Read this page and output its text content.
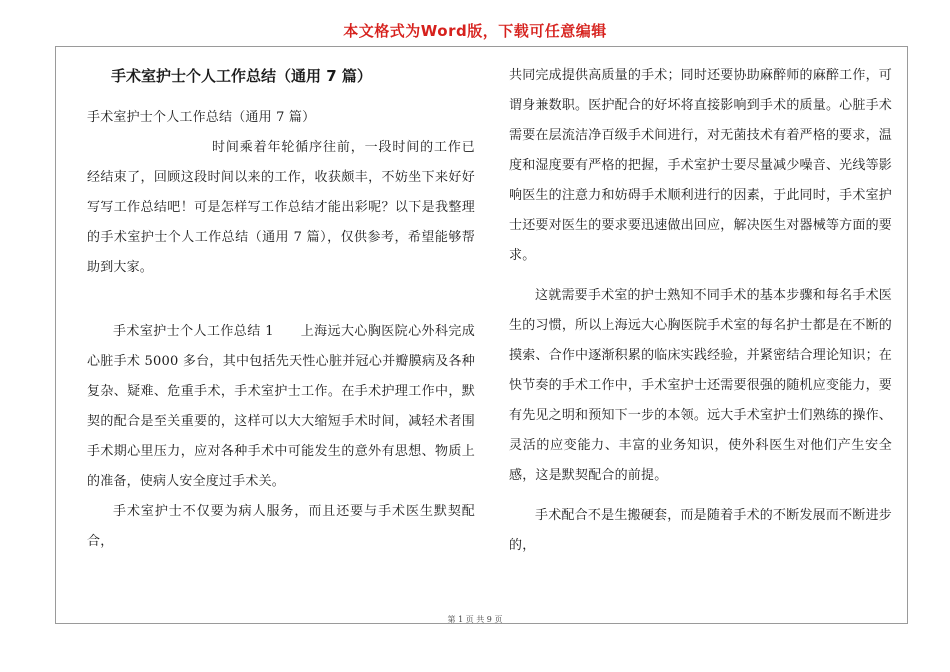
本文格式为Word版，下载可任意编辑
手术室护士个人工作总结（通用 7 篇）

手术室护士个人工作总结（通用 7 篇）

时间乘着年轮循序往前，一段时间的工作已经结束了，回顾这段时间以来的工作，收获颇丰，不妨坐下来好好写写工作总结吧！可是怎样写工作总结才能出彩呢？以下是我整理的手术室护士个人工作总结（通用 7 篇），仅供参考，希望能够帮助到大家。

手术室护士个人工作总结 1　　上海远大心胸医院心外科完成心脏手术 5000 多台，其中包括先天性心脏并冠心并瓣膜病及各种复杂、疑难、危重手术，手术室护士工作。在手术护理工作中，默契的配合是至关重要的，这样可以大大缩短手术时间，减轻术者围手术期心里压力，应对各种手术中可能发生的意外有思想、物质上的准备，使病人安全度过手术关。

手术室护士不仅要为病人服务，而且还要与手术医生默契配合，

共同完成提供高质量的手术；同时还要协助麻醉师的麻醉工作，可谓身兼数职。医护配合的好坏将直接影响到手术的质量。心脏手术需要在层流洁净百级手术间进行，对无菌技术有着严格的要求，温度和湿度要有严格的把握，手术室护士要尽量减少噪音、光线等影响医生的注意力和妨碍手术顺利进行的因素，于此同时，手术室护士还要对医生的要求要迅速做出回应，解决医生对器械等方面的要求。

这就需要手术室的护士熟知不同手术的基本步骤和每名手术医生的习惯，所以上海远大心胸医院手术室的每名护士都是在不断的摸索、合作中逐渐积累的临床实践经验，并紧密结合理论知识；在快节奏的手术工作中，手术室护士还需要很强的随机应变能力，要有先见之明和预知下一步的本领。远大手术室护士们熟练的操作、灵活的应变能力、丰富的业务知识，使外科医生对他们产生安全感，这是默契配合的前提。

手术配合不是生搬硬套，而是随着手术的不断发展而不断进步的，

第 1 页 共 9 页
